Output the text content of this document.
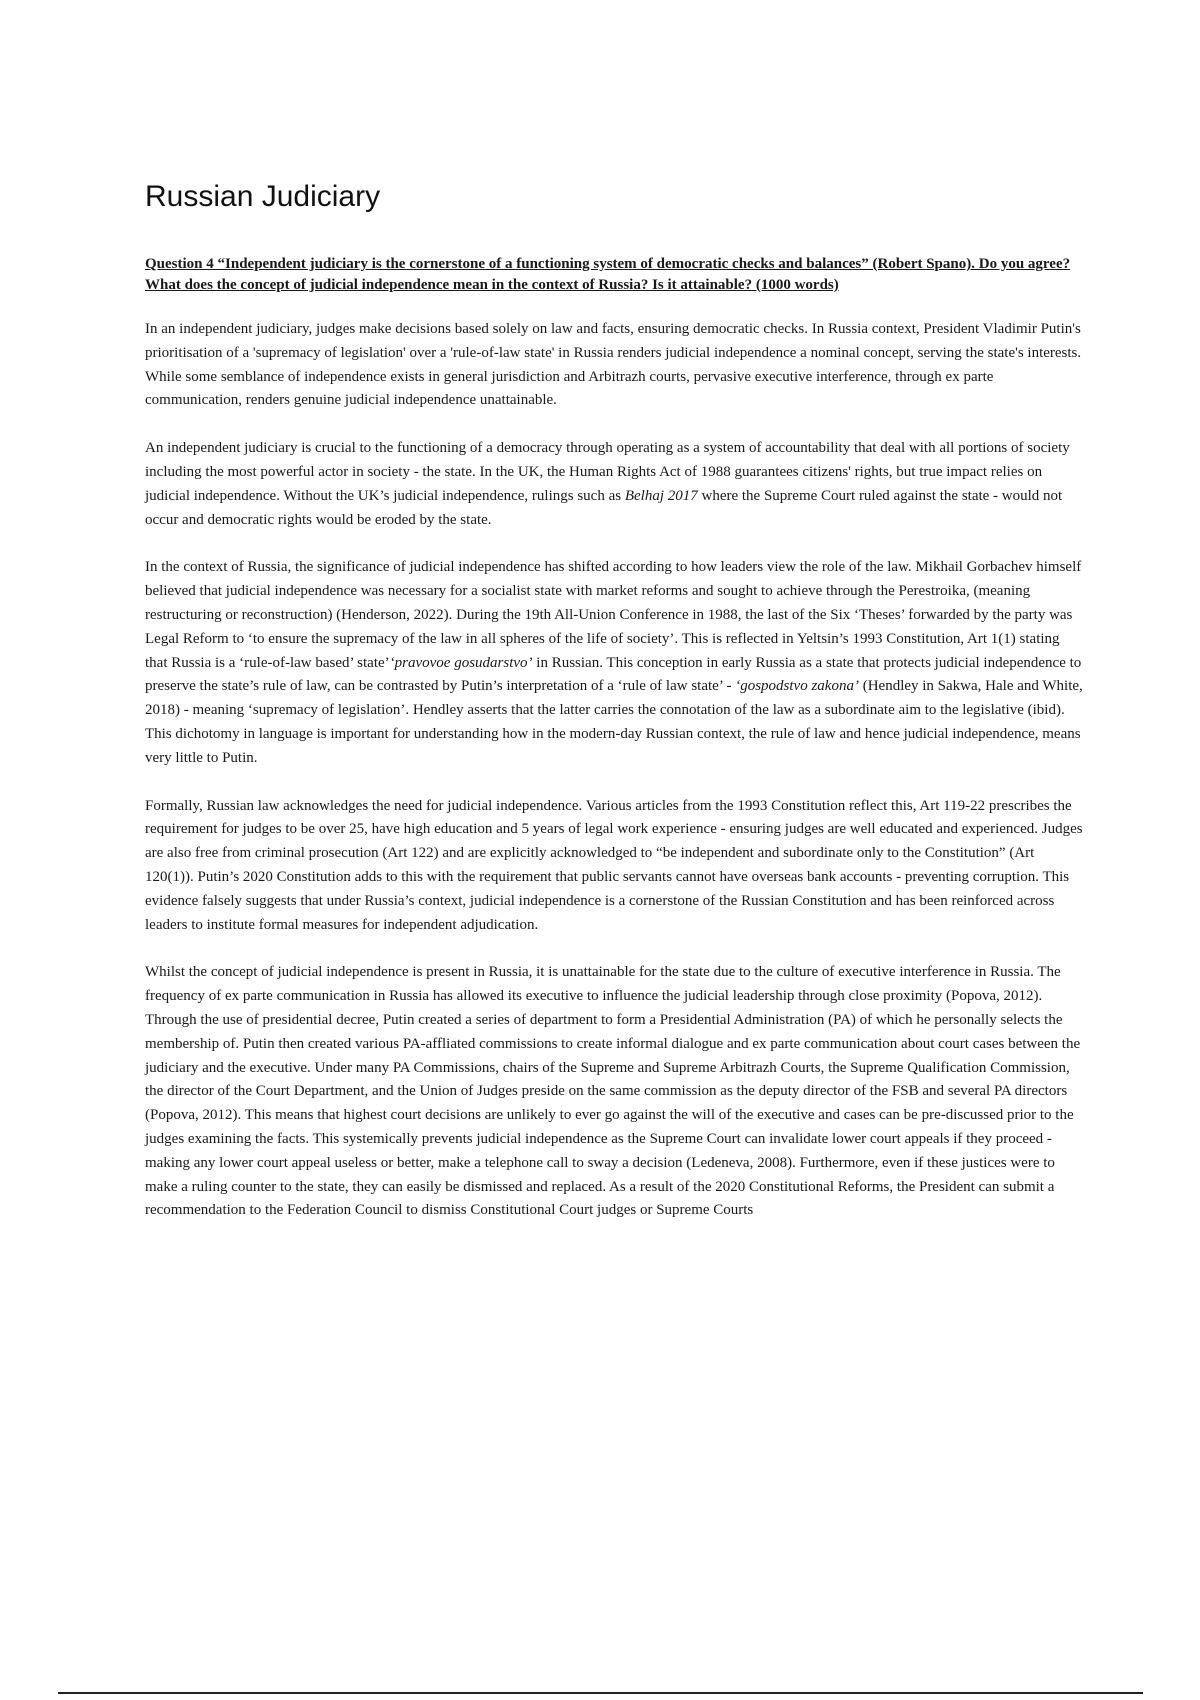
Russian Judiciary

Question 4 “Independent judiciary is the cornerstone of a functioning system of democratic checks and balances” (Robert Spano). Do you agree? What does the concept of judicial independence mean in the context of Russia? Is it attainable? (1000 words)

In an independent judiciary, judges make decisions based solely on law and facts, ensuring democratic checks. In Russia context, President Vladimir Putin's prioritisation of a 'supremacy of legislation' over a 'rule-of-law state' in Russia renders judicial independence a nominal concept, serving the state's interests. While some semblance of independence exists in general jurisdiction and Arbitrazh courts, pervasive executive interference, through ex parte communication, renders genuine judicial independence unattainable.

An independent judiciary is crucial to the functioning of a democracy through operating as a system of accountability that deal with all portions of society including the most powerful actor in society - the state. In the UK, the Human Rights Act of 1988 guarantees citizens' rights, but true impact relies on judicial independence. Without the UK’s judicial independence, rulings such as Belhaj 2017 where the Supreme Court ruled against the state - would not occur and democratic rights would be eroded by the state.

In the context of Russia, the significance of judicial independence has shifted according to how leaders view the role of the law. Mikhail Gorbachev himself believed that judicial independence was necessary for a socialist state with market reforms and sought to achieve through the Perestroika, (meaning restructuring or reconstruction) (Henderson, 2022). During the 19th All-Union Conference in 1988, the last of the Six ‘Theses’ forwarded by the party was Legal Reform to ‘to ensure the supremacy of the law in all spheres of the life of society’. This is reflected in Yeltsin’s 1993 Constitution, Art 1(1) stating that Russia is a ‘rule-of-law based’ state’‘pravovoe gosudarstvo’ in Russian. This conception in early Russia as a state that protects judicial independence to preserve the state’s rule of law, can be contrasted by Putin’s interpretation of a ‘rule of law state’ - ‘gospodstvo zakona’ (Hendley in Sakwa, Hale and White, 2018) - meaning ‘supremacy of legislation’. Hendley asserts that the latter carries the connotation of the law as a subordinate aim to the legislative (ibid). This dichotomy in language is important for understanding how in the modern-day Russian context, the rule of law and hence judicial independence, means very little to Putin.

Formally, Russian law acknowledges the need for judicial independence. Various articles from the 1993 Constitution reflect this, Art 119-22 prescribes the requirement for judges to be over 25, have high education and 5 years of legal work experience - ensuring judges are well educated and experienced. Judges are also free from criminal prosecution (Art 122) and are explicitly acknowledged to “be independent and subordinate only to the Constitution” (Art 120(1)). Putin’s 2020 Constitution adds to this with the requirement that public servants cannot have overseas bank accounts - preventing corruption. This evidence falsely suggests that under Russia’s context, judicial independence is a cornerstone of the Russian Constitution and has been reinforced across leaders to institute formal measures for independent adjudication.

Whilst the concept of judicial independence is present in Russia, it is unattainable for the state due to the culture of executive interference in Russia. The frequency of ex parte communication in Russia has allowed its executive to influence the judicial leadership through close proximity (Popova, 2012). Through the use of presidential decree, Putin created a series of department to form a Presidential Administration (PA) of which he personally selects the membership of. Putin then created various PA-affliated commissions to create informal dialogue and ex parte communication about court cases between the judiciary and the executive. Under many PA Commissions, chairs of the Supreme and Supreme Arbitrazh Courts, the Supreme Qualification Commission, the director of the Court Department, and the Union of Judges preside on the same commission as the deputy director of the FSB and several PA directors (Popova, 2012). This means that highest court decisions are unlikely to ever go against the will of the executive and cases can be pre-discussed prior to the judges examining the facts. This systemically prevents judicial independence as the Supreme Court can invalidate lower court appeals if they proceed - making any lower court appeal useless or better, make a telephone call to sway a decision (Ledeneva, 2008). Furthermore, even if these justices were to make a ruling counter to the state, they can easily be dismissed and replaced. As a result of the 2020 Constitutional Reforms, the President can submit a recommendation to the Federation Council to dismiss Constitutional Court judges or Supreme Courts
